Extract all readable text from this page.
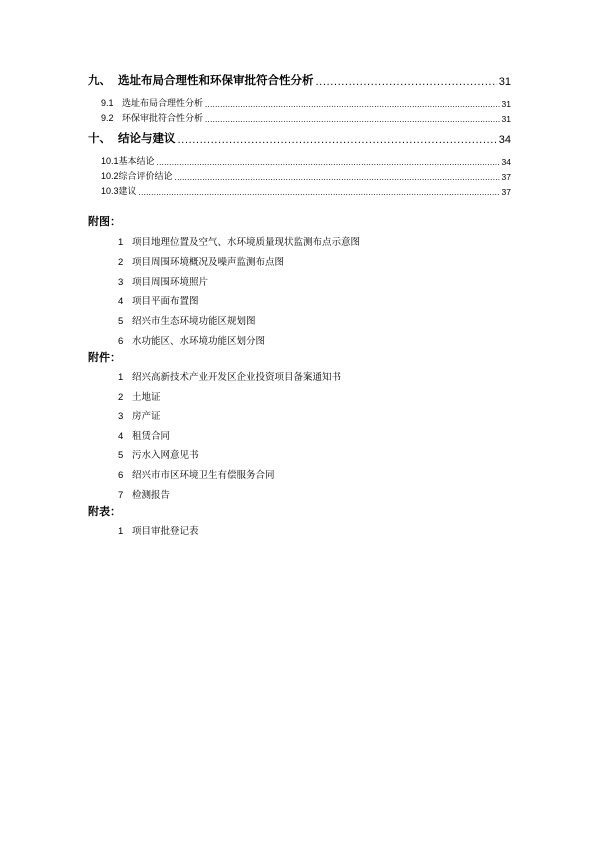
九、 选址布局合理性和环保审批符合性分析 .....	31
9.1 选址布局合理性分析 .....	31
9.2 环保审批符合性分析 .....	31
十、 结论与建议 .....	34
10.1基本结论 .....	34
10.2综合评价结论 .....	37
10.3建议 .....	37
附图：
1 项目地理位置及空气、水环境质量现状监测布点示意图
2 项目周围环境概况及噪声监测布点图
3 项目周围环境照片
4 项目平面布置图
5 绍兴市生态环境功能区规划图
6 水功能区、水环境功能区划分图
附件：
1 绍兴高新技术产业开发区企业投资项目备案通知书
2 土地证
3 房产证
4 租赁合同
5 污水入网意见书
6 绍兴市市区环境卫生有偿服务合同
7 检测报告
附表：
1 项目审批登记表
